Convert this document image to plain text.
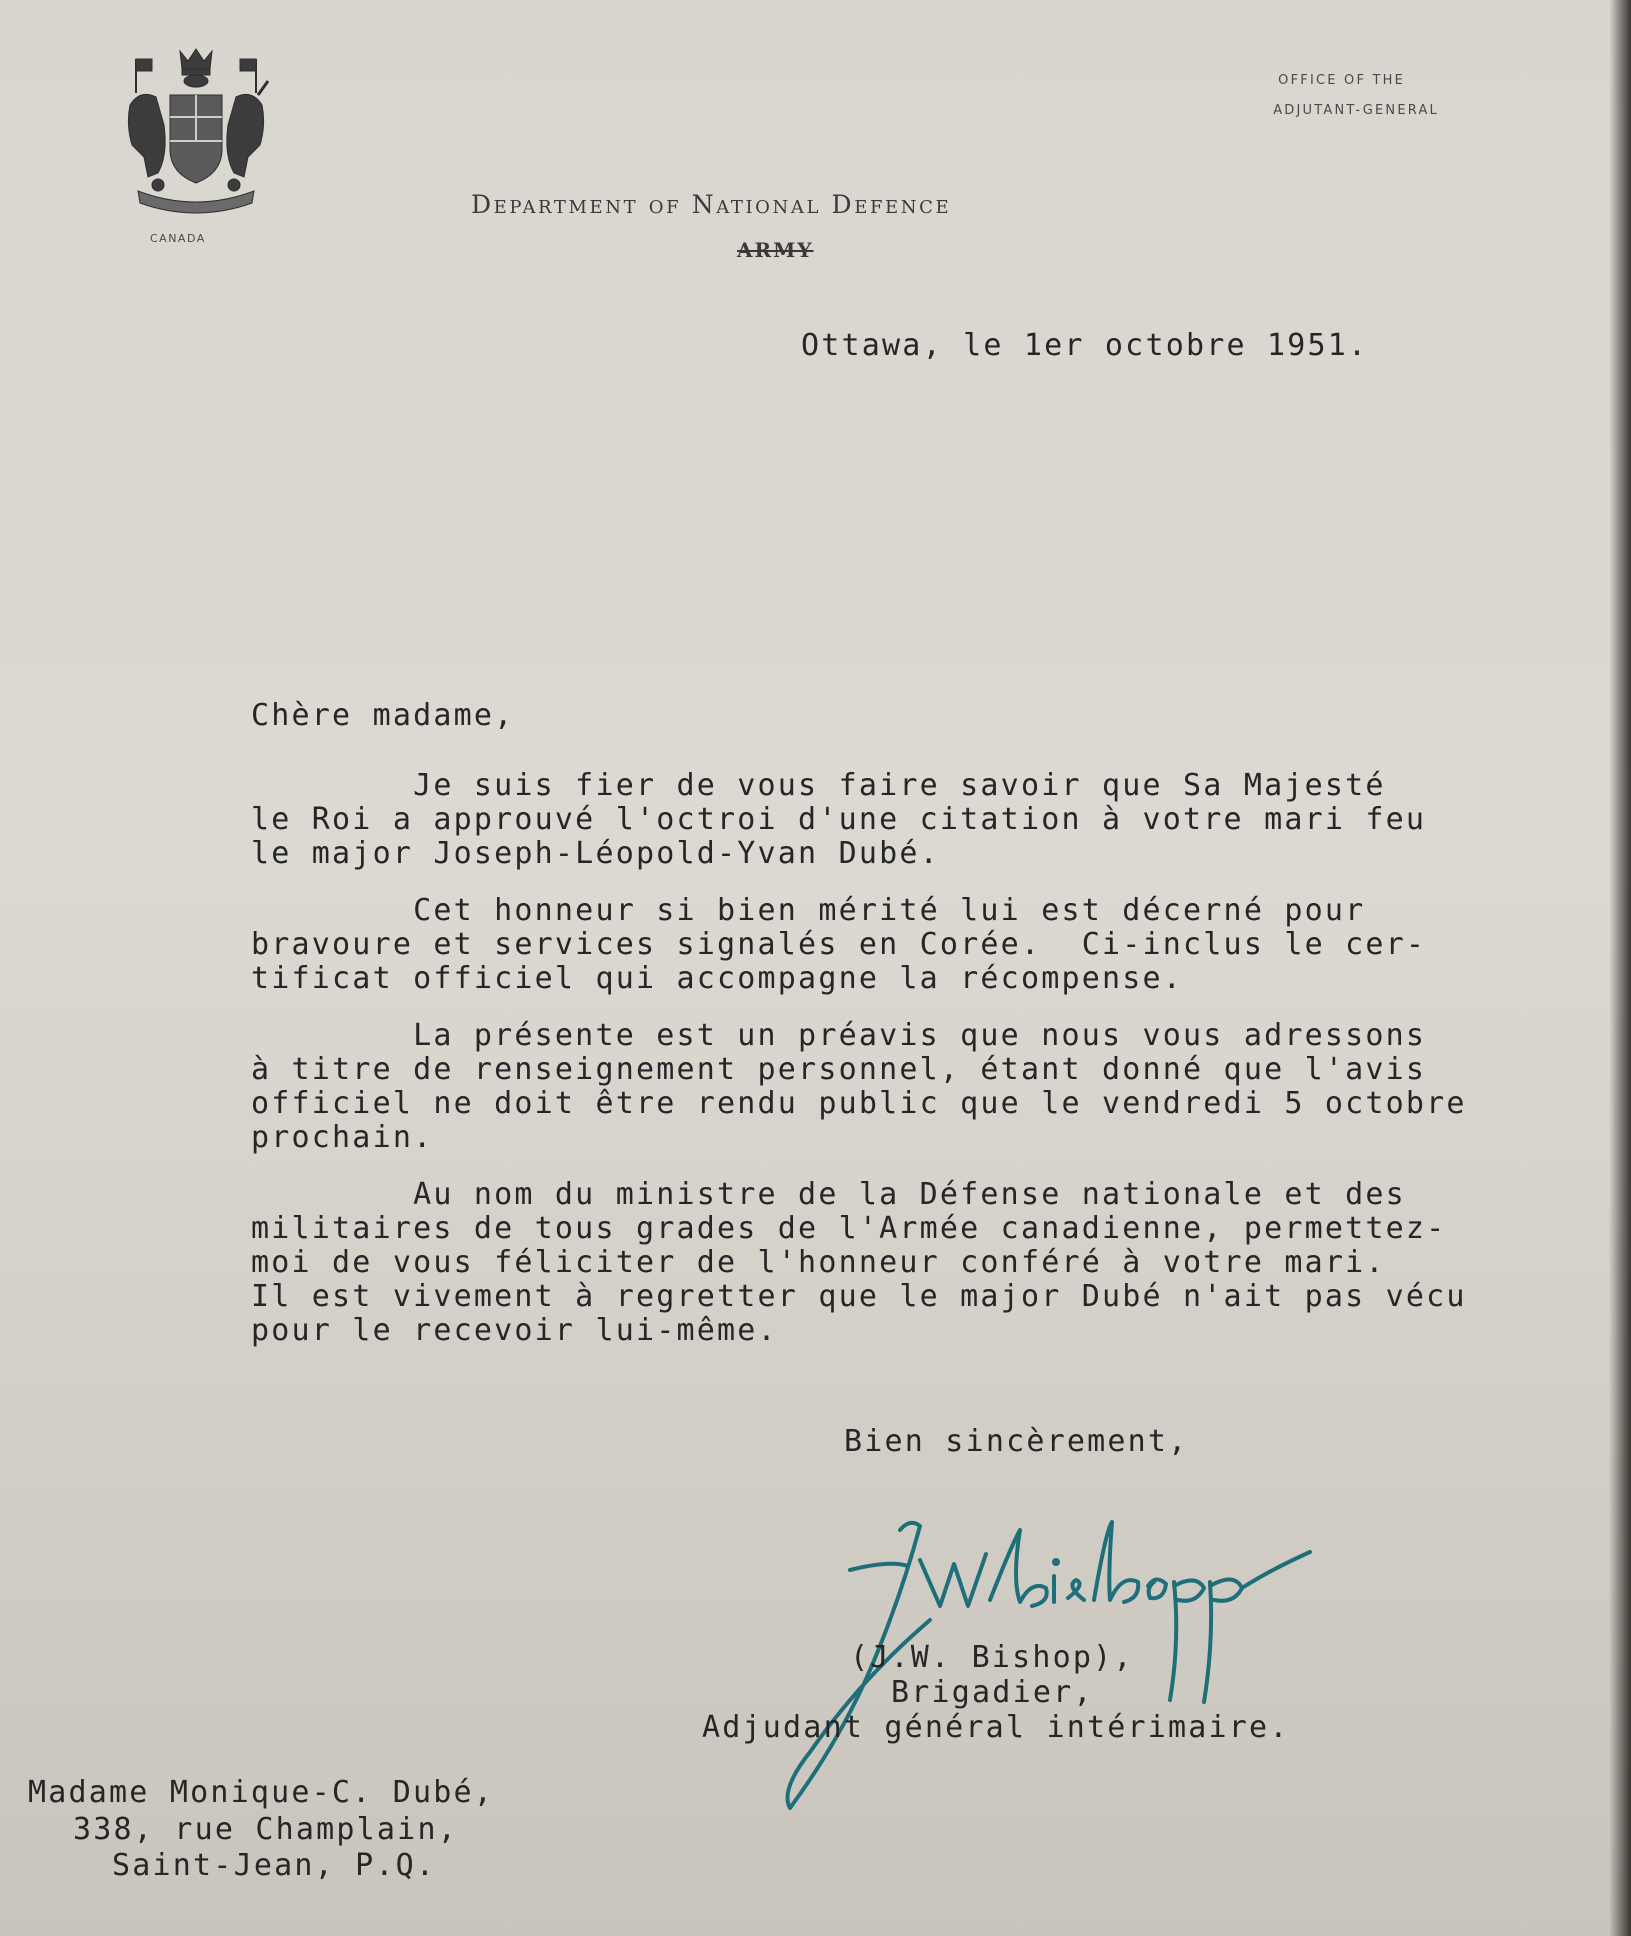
CANADA
Department of National Defence
ARMY
OFFICE OF THE
ADJUTANT-GENERAL
Ottawa, le 1er octobre 1951.
Chère madame,
Je suis fier de vous faire savoir que Sa Majesté
le Roi a approuvé l'octroi d'une citation à votre mari feu
le major Joseph-Léopold-Yvan Dubé.
Cet honneur si bien mérité lui est décerné pour
bravoure et services signalés en Corée.  Ci-inclus le cer-
tificat officiel qui accompagne la récompense.
La présente est un préavis que nous vous adressons
à titre de renseignement personnel, étant donné que l'avis
officiel ne doit être rendu public que le vendredi 5 octobre
prochain.
Au nom du ministre de la Défense nationale et des
militaires de tous grades de l'Armée canadienne, permettez-
moi de vous féliciter de l'honneur conféré à votre mari.
Il est vivement à regretter que le major Dubé n'ait pas vécu
pour le recevoir lui-même.
Bien sincèrement,
(J.W. Bishop),
Brigadier,
Adjudant général intérimaire.
Madame Monique-C. Dubé,
338, rue Champlain,
Saint-Jean, P.Q.
